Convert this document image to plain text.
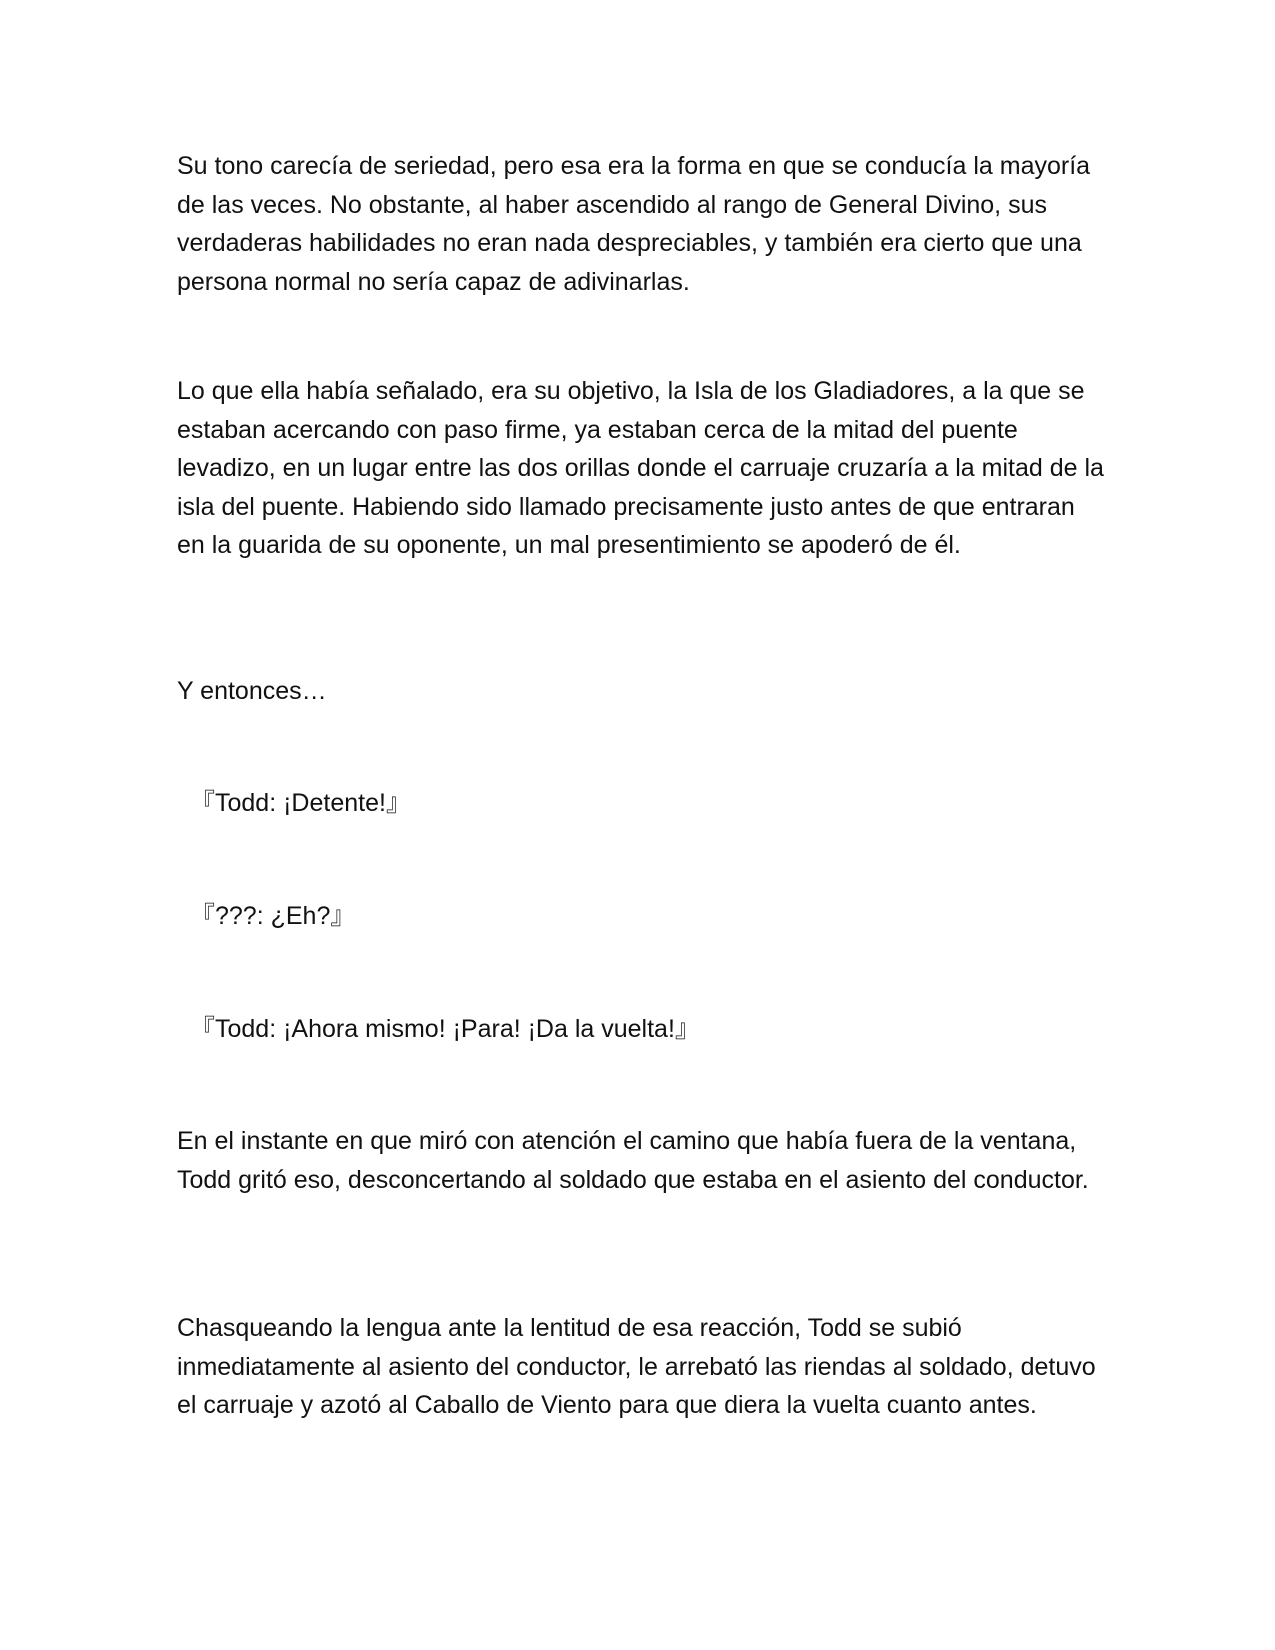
Su tono carecía de seriedad, pero esa era la forma en que se conducía la mayoría de las veces. No obstante, al haber ascendido al rango de General Divino, sus verdaderas habilidades no eran nada despreciables, y también era cierto que una persona normal no sería capaz de adivinarlas.

Lo que ella había señalado, era su objetivo, la Isla de los Gladiadores, a la que se estaban acercando con paso firme, ya estaban cerca de la mitad del puente levadizo, en un lugar entre las dos orillas donde el carruaje cruzaría a la mitad de la isla del puente. Habiendo sido llamado precisamente justo antes de que entraran en la guarida de su oponente, un mal presentimiento se apoderó de él.

Y entonces…

『Todd: ¡Detente!』

『???: ¿Eh?』

『Todd: ¡Ahora mismo! ¡Para! ¡Da la vuelta!』

En el instante en que miró con atención el camino que había fuera de la ventana, Todd gritó eso, desconcertando al soldado que estaba en el asiento del conductor.

Chasqueando la lengua ante la lentitud de esa reacción, Todd se subió inmediatamente al asiento del conductor, le arrebató las riendas al soldado, detuvo el carruaje y azotó al Caballo de Viento para que diera la vuelta cuanto antes.
